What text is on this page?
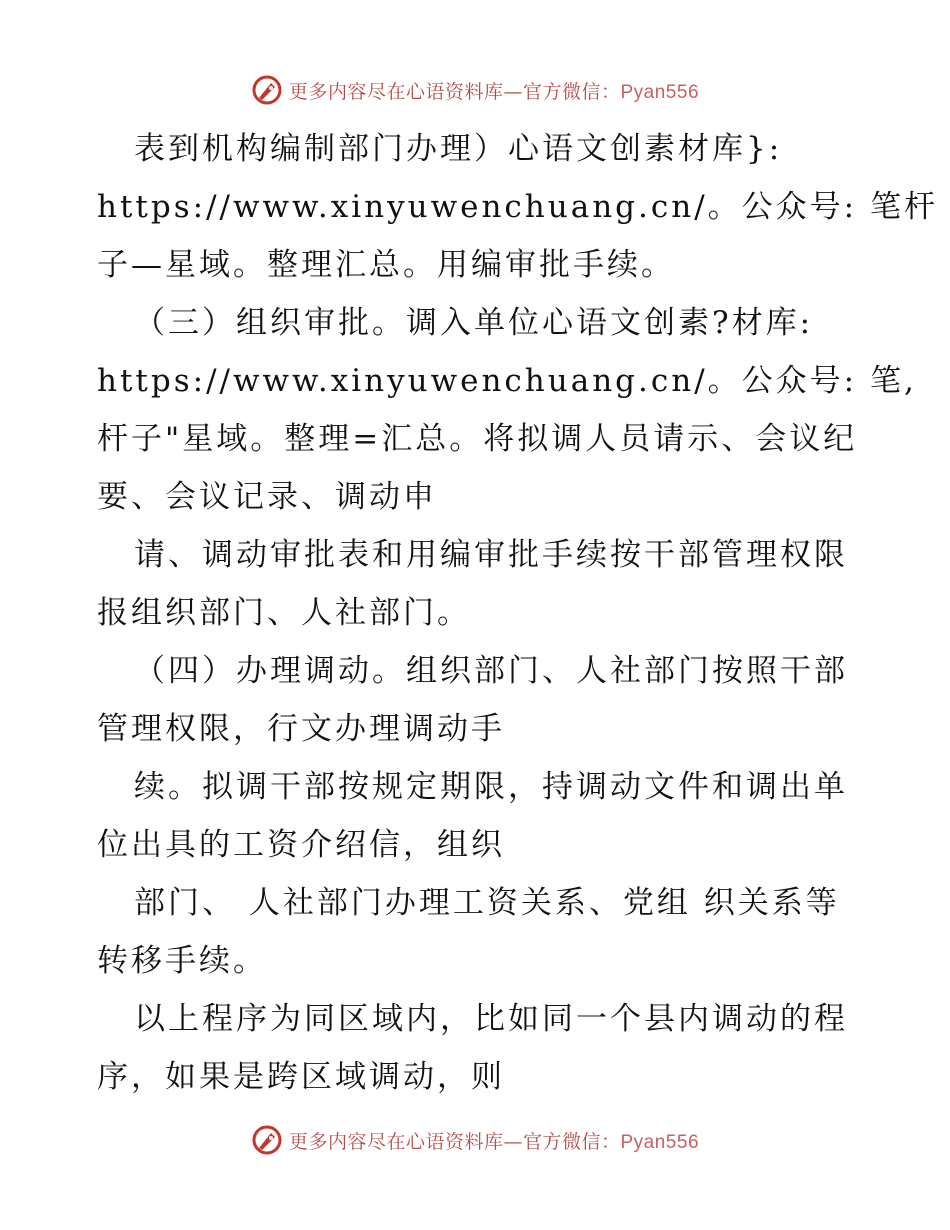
更多内容尽在心语资料库—官方微信：Pyan556
表到机构编制部门办理）心语文创素材库}:
https://www.xinyuwenchuang.cn/。公众号: 笔杆
子—星域。整理汇总。用编审批手续。
（三）组织审批。调入单位心语文创素?材库:
https://www.xinyuwenchuang.cn/。公众号: 笔,
杆子"星域。整理=汇总。将拟调人员请示、会议纪
要、会议记录、调动申
请、调动审批表和用编审批手续按干部管理权限
报组织部门、人社部门。
（四）办理调动。组织部门、人社部门按照干部
管理权限，行文办理调动手
续。拟调干部按规定期限，持调动文件和调出单
位出具的工资介绍信，组织
部门、 人社部门办理工资关系、党组 织关系等
转移手续。
以上程序为同区域内，比如同一个县内调动的程
序，如果是跨区域调动，则
更多内容尽在心语资料库—官方微信：Pyan556
